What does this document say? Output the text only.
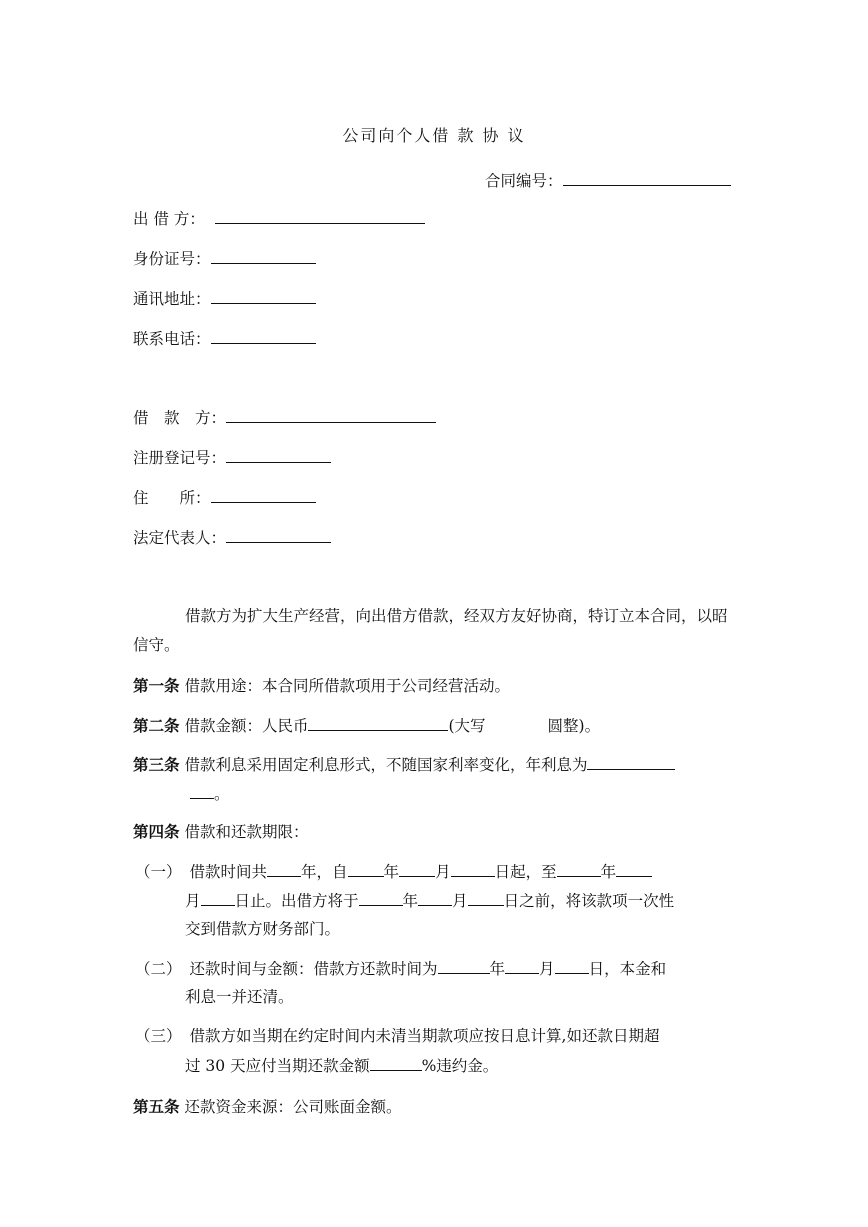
公司向个人借 款 协 议
合同编号：
出 借 方：
身份证号：
通讯地址：
联系电话：
借　款　方：
注册登记号：
住　　所：
法定代表人：
借款方为扩大生产经营，向出借方借款，经双方友好协商，特订立本合同，以昭信守。
第一条 借款用途：本合同所借款项用于公司经营活动。
第二条 借款金额：人民币	(大写	圆整)。
第三条 借款利息采用固定利息形式，不随国家利率变化，年利息为
。
第四条 借款和还款期限：
（一） 借款时间共 年，自 年 月	日起，至	年
月 日止。出借方将于	年 月 日之前，将该款项一次性
交到借款方财务部门。
（二） 还款时间与金额：借款方还款时间为	年 月 日，本金和
利息一并还清。
（三） 借款方如当期在约定时间内未清当期款项应按日息计算,如还款日期超
过 30 天应付当期还款金额	%违约金。
第五条 还款资金来源：公司账面金额。
